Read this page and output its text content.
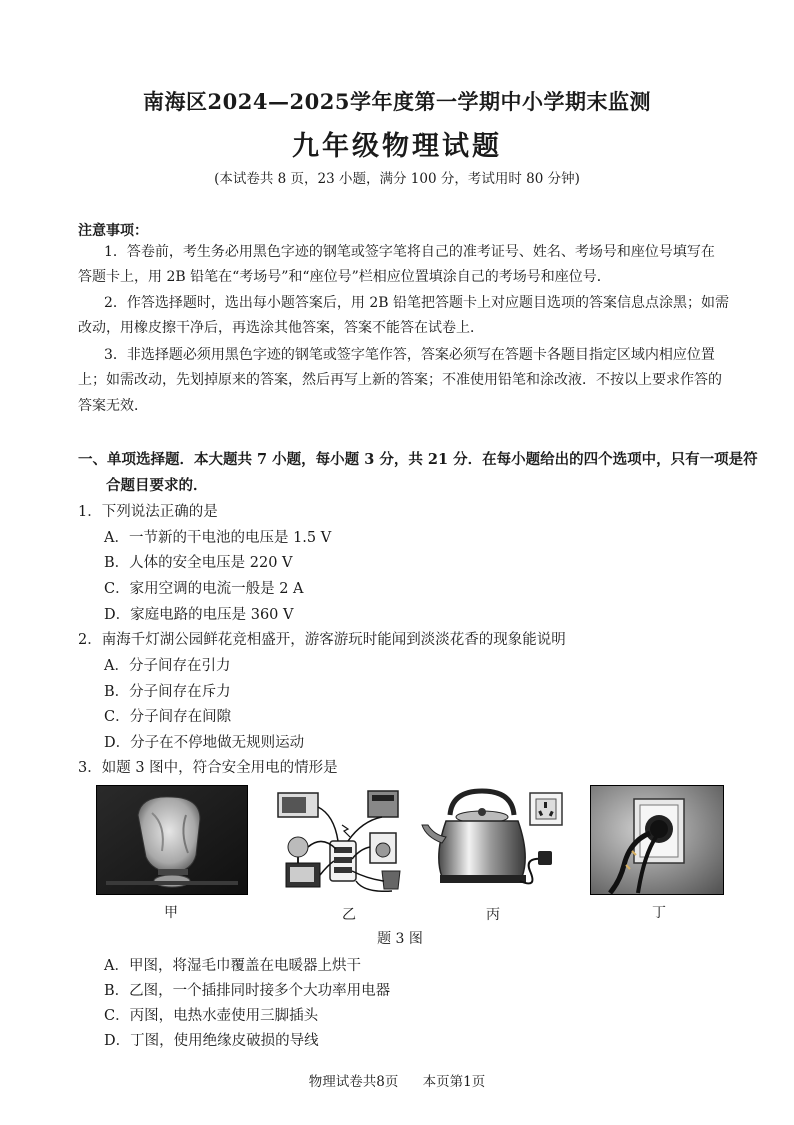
南海区2024—2025学年度第一学期中小学期末监测
九年级物理试题
(本试卷共 8 页，23 小题，满分 100 分，考试用时 80 分钟)
注意事项：
1．答卷前，考生务必用黑色字迹的钢笔或签字笔将自己的准考证号、姓名、考场号和座位号填写在
答题卡上，用 2B 铅笔在“考场号”和“座位号”栏相应位置填涂自己的考场号和座位号．
2．作答选择题时，选出每小题答案后，用 2B 铅笔把答题卡上对应题目选项的答案信息点涂黑；如需
改动，用橡皮擦干净后，再选涂其他答案，答案不能答在试卷上．
3．非选择题必须用黑色字迹的钢笔或签字笔作答，答案必须写在答题卡各题目指定区域内相应位置
上；如需改动，先划掉原来的答案，然后再写上新的答案；不准使用铅笔和涂改液．不按以上要求作答的
答案无效．
一、单项选择题．本大题共 7 小题，每小题 3 分，共 21 分．在每小题给出的四个选项中，只有一项是符
合题目要求的．
1．下列说法正确的是
A．一节新的干电池的电压是 1.5 V
B．人体的安全电压是 220 V
C．家用空调的电流一般是 2 A
D．家庭电路的电压是 360 V
2．南海千灯湖公园鲜花竞相盛开，游客游玩时能闻到淡淡花香的现象能说明
A．分子间存在引力
B．分子间存在斥力
C．分子间存在间隙
D．分子在不停地做无规则运动
3．如题 3 图中，符合安全用电的情形是
甲	乙	丙	丁
题 3 图
A．甲图，将湿毛巾覆盖在电暖器上烘干
B．乙图，一个插排同时接多个大功率用电器
C．丙图，电热水壶使用三脚插头
D．丁图，使用绝缘皮破损的导线
物理试卷共8页 本页第1页
